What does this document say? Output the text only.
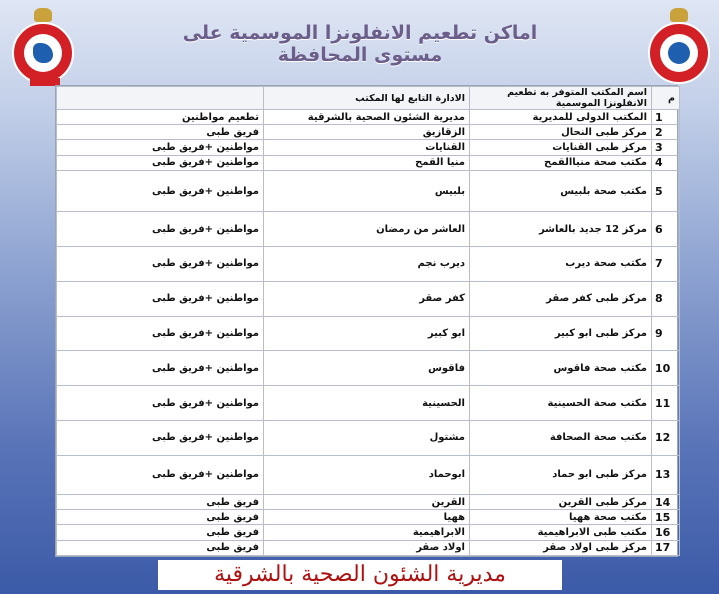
اماكن تطعيم الانفلونزا الموسمية على مستوى المحافظة
م	اسم المكتب المتوفر به تطعيم الانفلونزا الموسمية	الادارة التابع لها المكتب	
1	المكتب الدولى للمديرية	مديرية الشئون الصحية بالشرقية	تطعيم مواطنين
2	مركز طبى النحال	الزقازيق	فريق طبى
3	مركز طبى القنايات	القنايات	مواطنين +فريق طبى
4	مكتب صحة منياالقمح	منيا القمح	مواطنين +فريق طبى
5	مكتب صحة بلبيس	بلبيس	مواطنين +فريق طبى
6	مركز 12 جديد بالعاشر	العاشر من رمضان	مواطنين +فريق طبى
7	مكتب صحة ديرب	ديرب نجم	مواطنين +فريق طبى
8	مركز طبى كفر صقر	كفر صقر	مواطنين +فريق طبى
9	مركز طبى ابو كبير	ابو كبير	مواطنين +فريق طبى
10	مكتب صحة فاقوس	فاقوس	مواطنين +فريق طبى
11	مكتب صحة الحسينية	الحسينية	مواطنين +فريق طبى
12	مكتب صحة الصحافة	مشتول	مواطنين +فريق طبى
13	مركز طبى ابو حماد	ابوحماد	مواطنين +فريق طبى
14	مركز طبى القرين	القرين	فريق طبى
15	مكتب صحة ههيا	ههيا	فريق طبى
16	مكتب طبى الابراهيمية	الابراهيمية	فريق طبى
17	مركز طبى اولاد صقر	اولاد صقر	فريق طبى
مديرية الشئون الصحية بالشرقية
